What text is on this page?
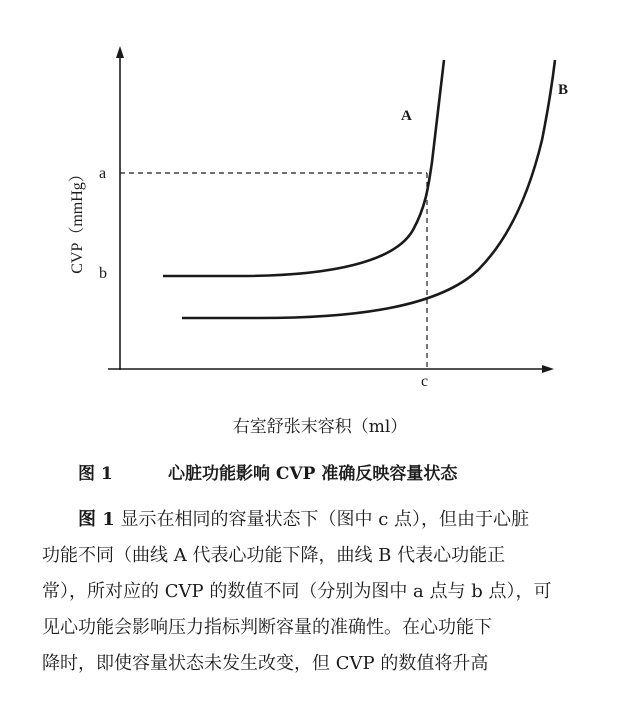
A
B
a
b
c
CVP（mmHg）
右室舒张末容积（ml）
图 1	心脏功能影响 CVP 准确反映容量状态

图 1 显示在相同的容量状态下（图中 c 点），但由于心脏
功能不同（曲线 A 代表心功能下降，曲线 B 代表心功能正
常），所对应的 CVP 的数值不同（分别为图中 a 点与 b 点），可
见心功能会影响压力指标判断容量的准确性。在心功能下
降时，即使容量状态未发生改变，但 CVP 的数值将升高
